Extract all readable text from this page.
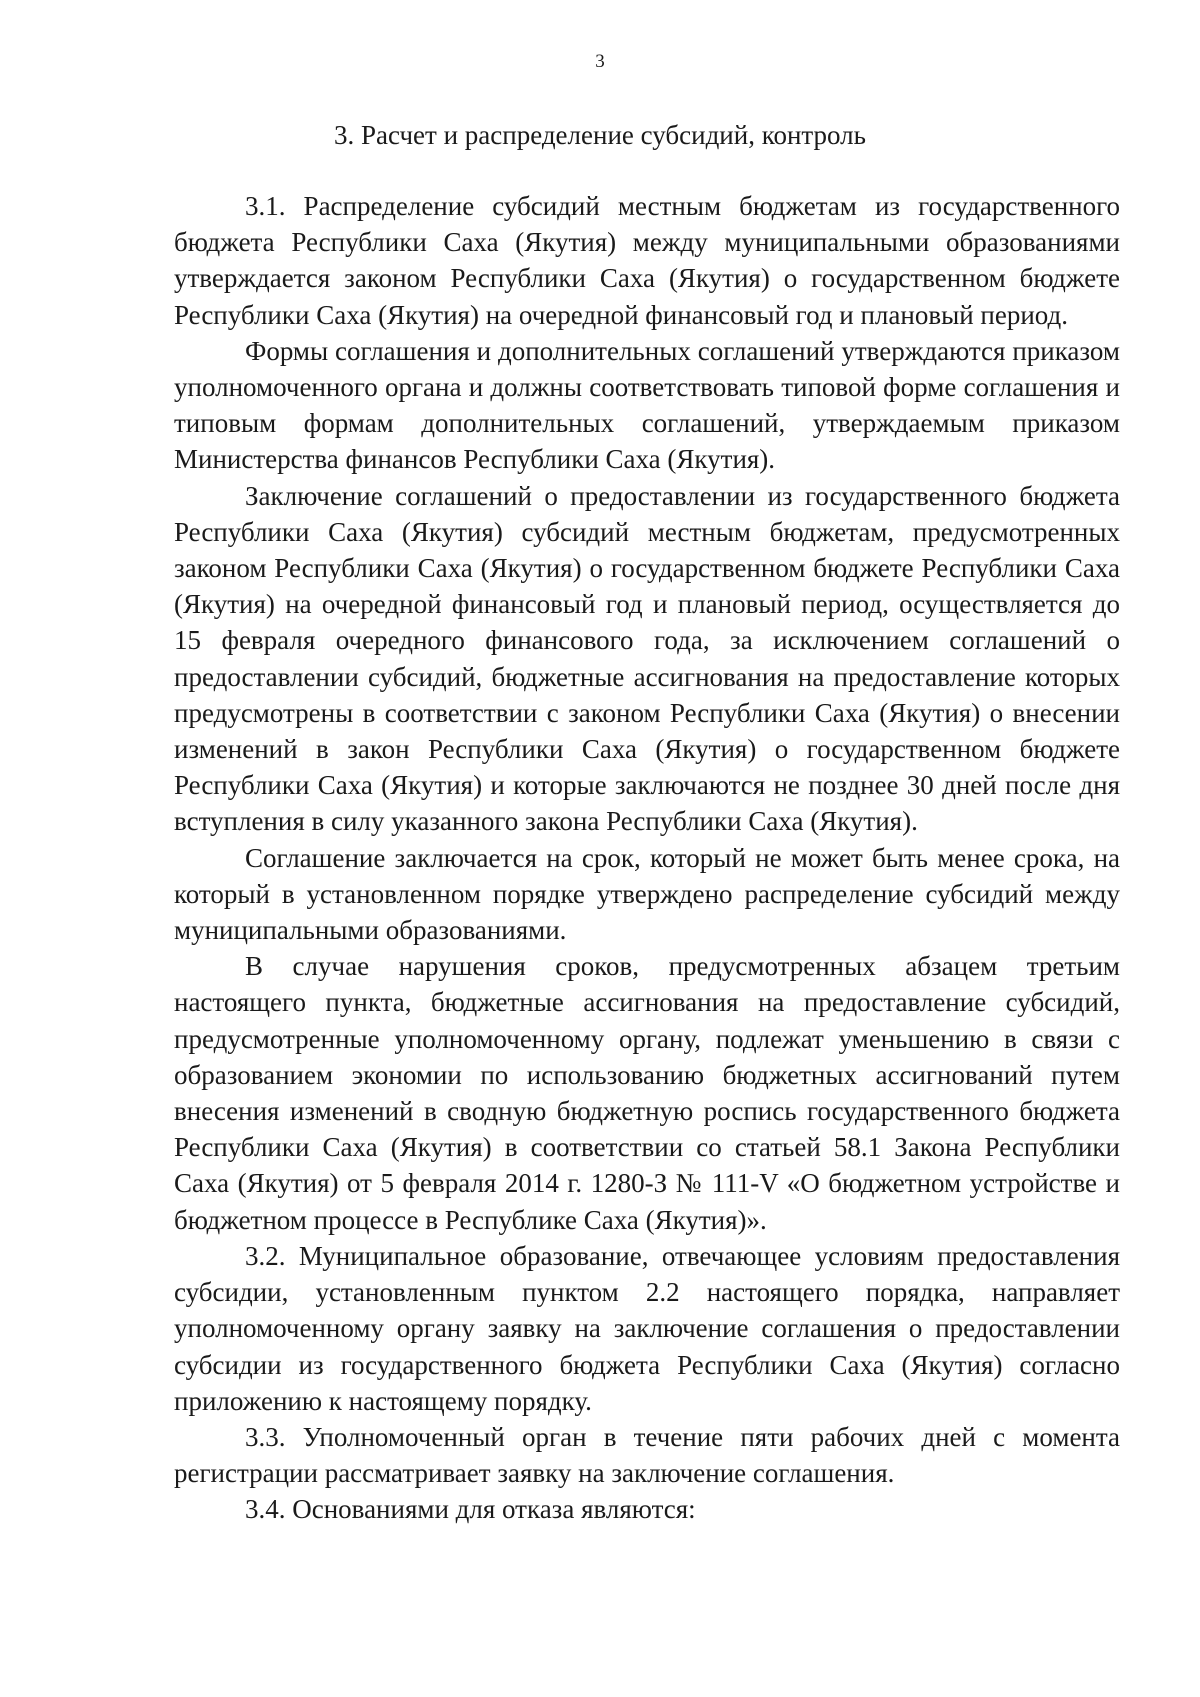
3
3. Расчет и распределение субсидий, контроль

3.1. Распределение субсидий местным бюджетам из государственного бюджета Республики Саха (Якутия) между муниципальными образованиями утверждается законом Республики Саха (Якутия) о государственном бюджете Республики Саха (Якутия) на очередной финансовый год и плановый период.

Формы соглашения и дополнительных соглашений утверждаются приказом уполномоченного органа и должны соответствовать типовой форме соглашения и типовым формам дополнительных соглашений, утверждаемым приказом Министерства финансов Республики Саха (Якутия).

Заключение соглашений о предоставлении из государственного бюджета Республики Саха (Якутия) субсидий местным бюджетам, предусмотренных законом Республики Саха (Якутия) о государственном бюджете Республики Саха (Якутия) на очередной финансовый год и плановый период, осуществляется до 15 февраля очередного финансового года, за исключением соглашений о предоставлении субсидий, бюджетные ассигнования на предоставление которых предусмотрены в соответствии с законом Республики Саха (Якутия) о внесении изменений в закон Республики Саха (Якутия) о государственном бюджете Республики Саха (Якутия) и которые заключаются не позднее 30 дней после дня вступления в силу указанного закона Республики Саха (Якутия).

Соглашение заключается на срок, который не может быть менее срока, на который в установленном порядке утверждено распределение субсидий между муниципальными образованиями.

В случае нарушения сроков, предусмотренных абзацем третьим настоящего пункта, бюджетные ассигнования на предоставление субсидий, предусмотренные уполномоченному органу, подлежат уменьшению в связи с образованием экономии по использованию бюджетных ассигнований путем внесения изменений в сводную бюджетную роспись государственного бюджета Республики Саха (Якутия) в соответствии со статьей 58.1 Закона Республики Саха (Якутия) от 5 февраля 2014 г. 1280-З № 111-V «О бюджетном устройстве и бюджетном процессе в Республике Саха (Якутия)».

3.2. Муниципальное образование, отвечающее условиям предоставления субсидии, установленным пунктом 2.2 настоящего порядка, направляет уполномоченному органу заявку на заключение соглашения о предоставлении субсидии из государственного бюджета Республики Саха (Якутия) согласно приложению к настоящему порядку.

3.3. Уполномоченный орган в течение пяти рабочих дней с момента регистрации рассматривает заявку на заключение соглашения.

3.4. Основаниями для отказа являются:
